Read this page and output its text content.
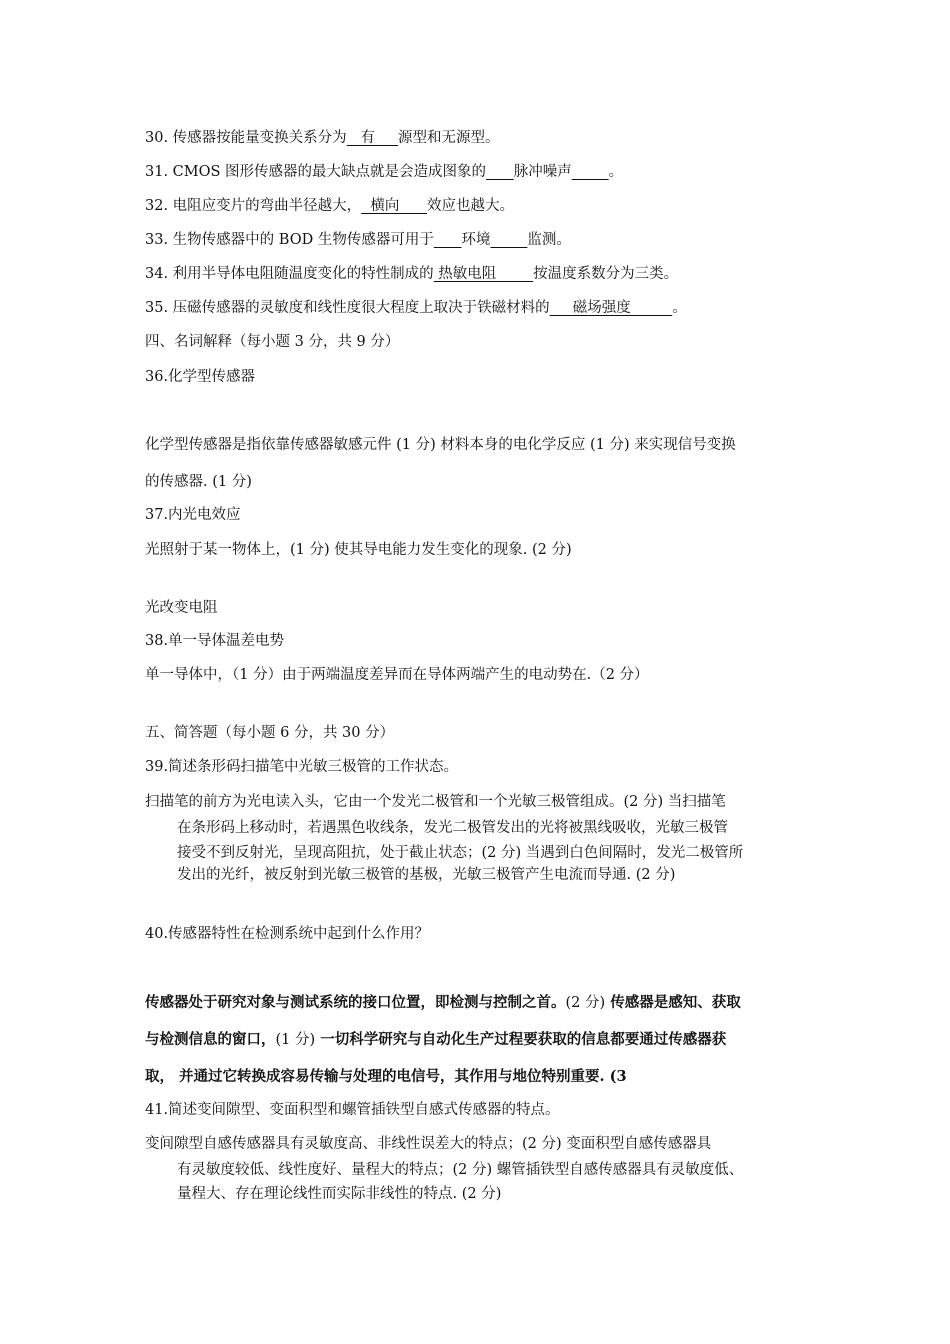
30. 传感器按能量变换关系分为   有     源型和无源型。
31. CMOS 图形传感器的最大缺点就是会造成图象的 脉冲噪声	。
32. 电阻应变片的弯曲半径越大，  横向      效应也越大。
33. 生物传感器中的 BOD 生物传感器可用于 环境	监测。
34. 利用半导体电阻随温度变化的特性制成的 热敏电阻        按温度系数分为三类。
35. 压磁传感器的灵敏度和线性度很大程度上取决于铁磁材料的     磁场强度         。
四、名词解释（每小题 3 分，共 9 分）
36.化学型传感器
化学型传感器是指依靠传感器敏感元件 (1 分) 材料本身的电化学反应 (1 分) 来实现信号变换
的传感器. (1 分)
37.内光电效应
光照射于某一物体上，(1 分) 使其导电能力发生变化的现象. (2 分)
光改变电阻
38.单一导体温差电势
单一导体中，（1 分）由于两端温度差异而在导体两端产生的电动势在.（2 分）
五、简答题（每小题 6 分，共 30 分）
39.简述条形码扫描笔中光敏三极管的工作状态。
扫描笔的前方为光电读入头，它由一个发光二极管和一个光敏三极管组成。(2 分) 当扫描笔
在条形码上移动时，若遇黑色收线条，发光二极管发出的光将被黑线吸收，光敏三极管
接受不到反射光，呈现高阻抗，处于截止状态；(2 分) 当遇到白色间隔时，发光二极管所
发出的光纤，被反射到光敏三极管的基极，光敏三极管产生电流而导通. (2 分)
40.传感器特性在检测系统中起到什么作用？
传感器处于研究对象与测试系统的接口位置，即检测与控制之首。(2 分) 传感器是感知、获取
与检测信息的窗口，(1 分) 一切科学研究与自动化生产过程要获取的信息都要通过传感器获
取， 并通过它转换成容易传输与处理的电信号，其作用与地位特别重要. (3
41.简述变间隙型、变面积型和螺管插铁型自感式传感器的特点。
变间隙型自感传感器具有灵敏度高、非线性误差大的特点；(2 分) 变面积型自感传感器具
有灵敏度较低、线性度好、量程大的特点；(2 分) 螺管插铁型自感传感器具有灵敏度低、
量程大、存在理论线性而实际非线性的特点. (2 分)
